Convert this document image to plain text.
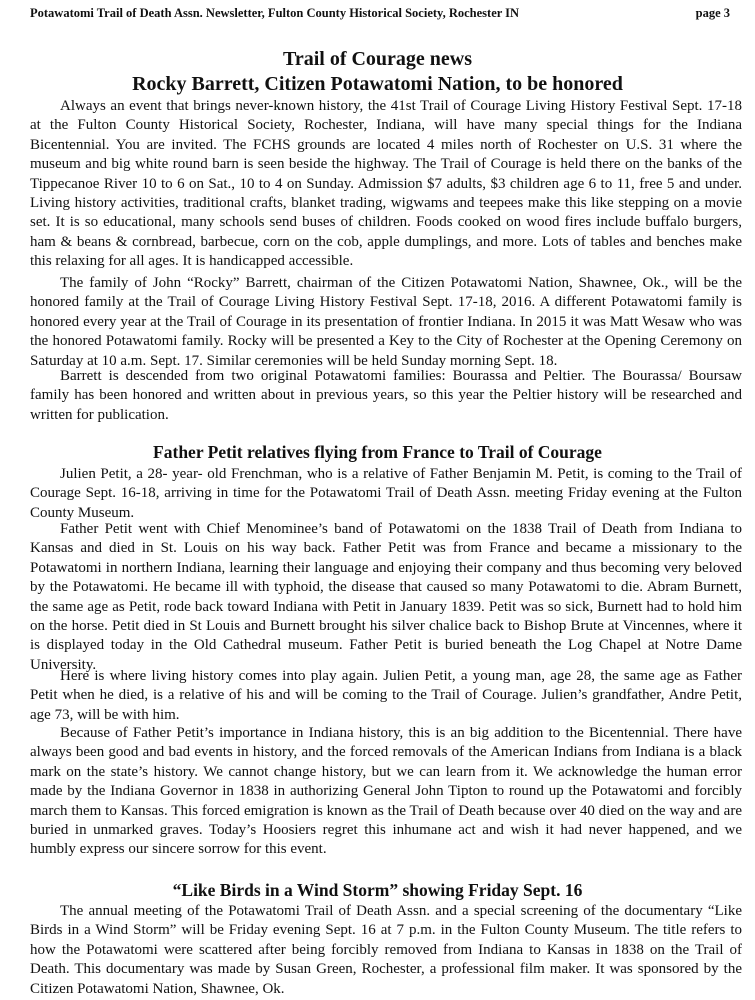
Potawatomi Trail of Death Assn. Newsletter, Fulton County Historical Society, Rochester IN	page 3
Trail of Courage news
Rocky Barrett, Citizen Potawatomi Nation, to be honored

Always an event that brings never-known history, the 41st Trail of Courage Living History Festival Sept. 17-18 at the Fulton County Historical Society, Rochester, Indiana, will have many special things for the Indiana Bicentennial. You are invited. The FCHS grounds are located 4 miles north of Rochester on U.S. 31 where the museum and big white round barn is seen beside the highway. The Trail of Courage is held there on the banks of the Tippecanoe River 10 to 6 on Sat., 10 to 4 on Sunday. Admission $7 adults, $3 children age 6 to 11, free 5 and under. Living history activities, traditional crafts, blanket trading, wigwams and teepees make this like stepping on a movie set. It is so educational, many schools send buses of children. Foods cooked on wood fires include buffalo burgers, ham & beans & cornbread, barbecue, corn on the cob, apple dumplings, and more. Lots of tables and benches make this relaxing for all ages. It is handicapped accessible.

The family of John “Rocky” Barrett, chairman of the Citizen Potawatomi Nation, Shawnee, Ok., will be the honored family at the Trail of Courage Living History Festival Sept. 17-18, 2016. A different Potawatomi family is honored every year at the Trail of Courage in its presentation of frontier Indiana. In 2015 it was Matt Wesaw who was the honored Potawatomi family. Rocky will be presented a Key to the City of Rochester at the Opening Ceremony on Saturday at 10 a.m. Sept. 17. Similar ceremonies will be held Sunday morning Sept. 18.

Barrett is descended from two original Potawatomi families: Bourassa and Peltier. The Bourassa/ Boursaw family has been honored and written about in previous years, so this year the Peltier history will be researched and written for publication.

Father Petit relatives flying from France to Trail of Courage

Julien Petit, a 28- year- old Frenchman, who is a relative of Father Benjamin M. Petit, is coming to the Trail of Courage Sept. 16-18, arriving in time for the Potawatomi Trail of Death Assn. meeting Friday evening at the Fulton County Museum.

Father Petit went with Chief Menominee’s band of Potawatomi on the 1838 Trail of Death from Indiana to Kansas and died in St. Louis on his way back. Father Petit was from France and became a missionary to the Potawatomi in northern Indiana, learning their language and enjoying their company and thus becoming very beloved by the Potawatomi. He became ill with typhoid, the disease that caused so many Potawatomi to die. Abram Burnett, the same age as Petit, rode back toward Indiana with Petit in January 1839. Petit was so sick, Burnett had to hold him on the horse. Petit died in St Louis and Burnett brought his silver chalice back to Bishop Brute at Vincennes, where it is displayed today in the Old Cathedral museum. Father Petit is buried beneath the Log Chapel at Notre Dame University.

Here is where living history comes into play again. Julien Petit, a young man, age 28, the same age as Father Petit when he died, is a relative of his and will be coming to the Trail of Courage. Julien’s grandfather, Andre Petit, age 73, will be with him.

Because of Father Petit’s importance in Indiana history, this is an big addition to the Bicentennial. There have always been good and bad events in history, and the forced removals of the American Indians from Indiana is a black mark on the state’s history. We cannot change history, but we can learn from it. We acknowledge the human error made by the Indiana Governor in 1838 in authorizing General John Tipton to round up the Potawatomi and forcibly march them to Kansas. This forced emigration is known as the Trail of Death because over 40 died on the way and are buried in unmarked graves. Today’s Hoosiers regret this inhumane act and wish it had never happened, and we humbly express our sincere sorrow for this event.

“Like Birds in a Wind Storm” showing Friday Sept. 16

The annual meeting of the Potawatomi Trail of Death Assn. and a special screening of the documentary “Like Birds in a Wind Storm” will be Friday evening Sept. 16 at 7 p.m. in the Fulton County Museum. The title refers to how the Potawatomi were scattered after being forcibly removed from Indiana to Kansas in 1838 on the Trail of Death. This documentary was made by Susan Green, Rochester, a professional film maker. It was sponsored by the Citizen Potawatomi Nation, Shawnee, Ok.
